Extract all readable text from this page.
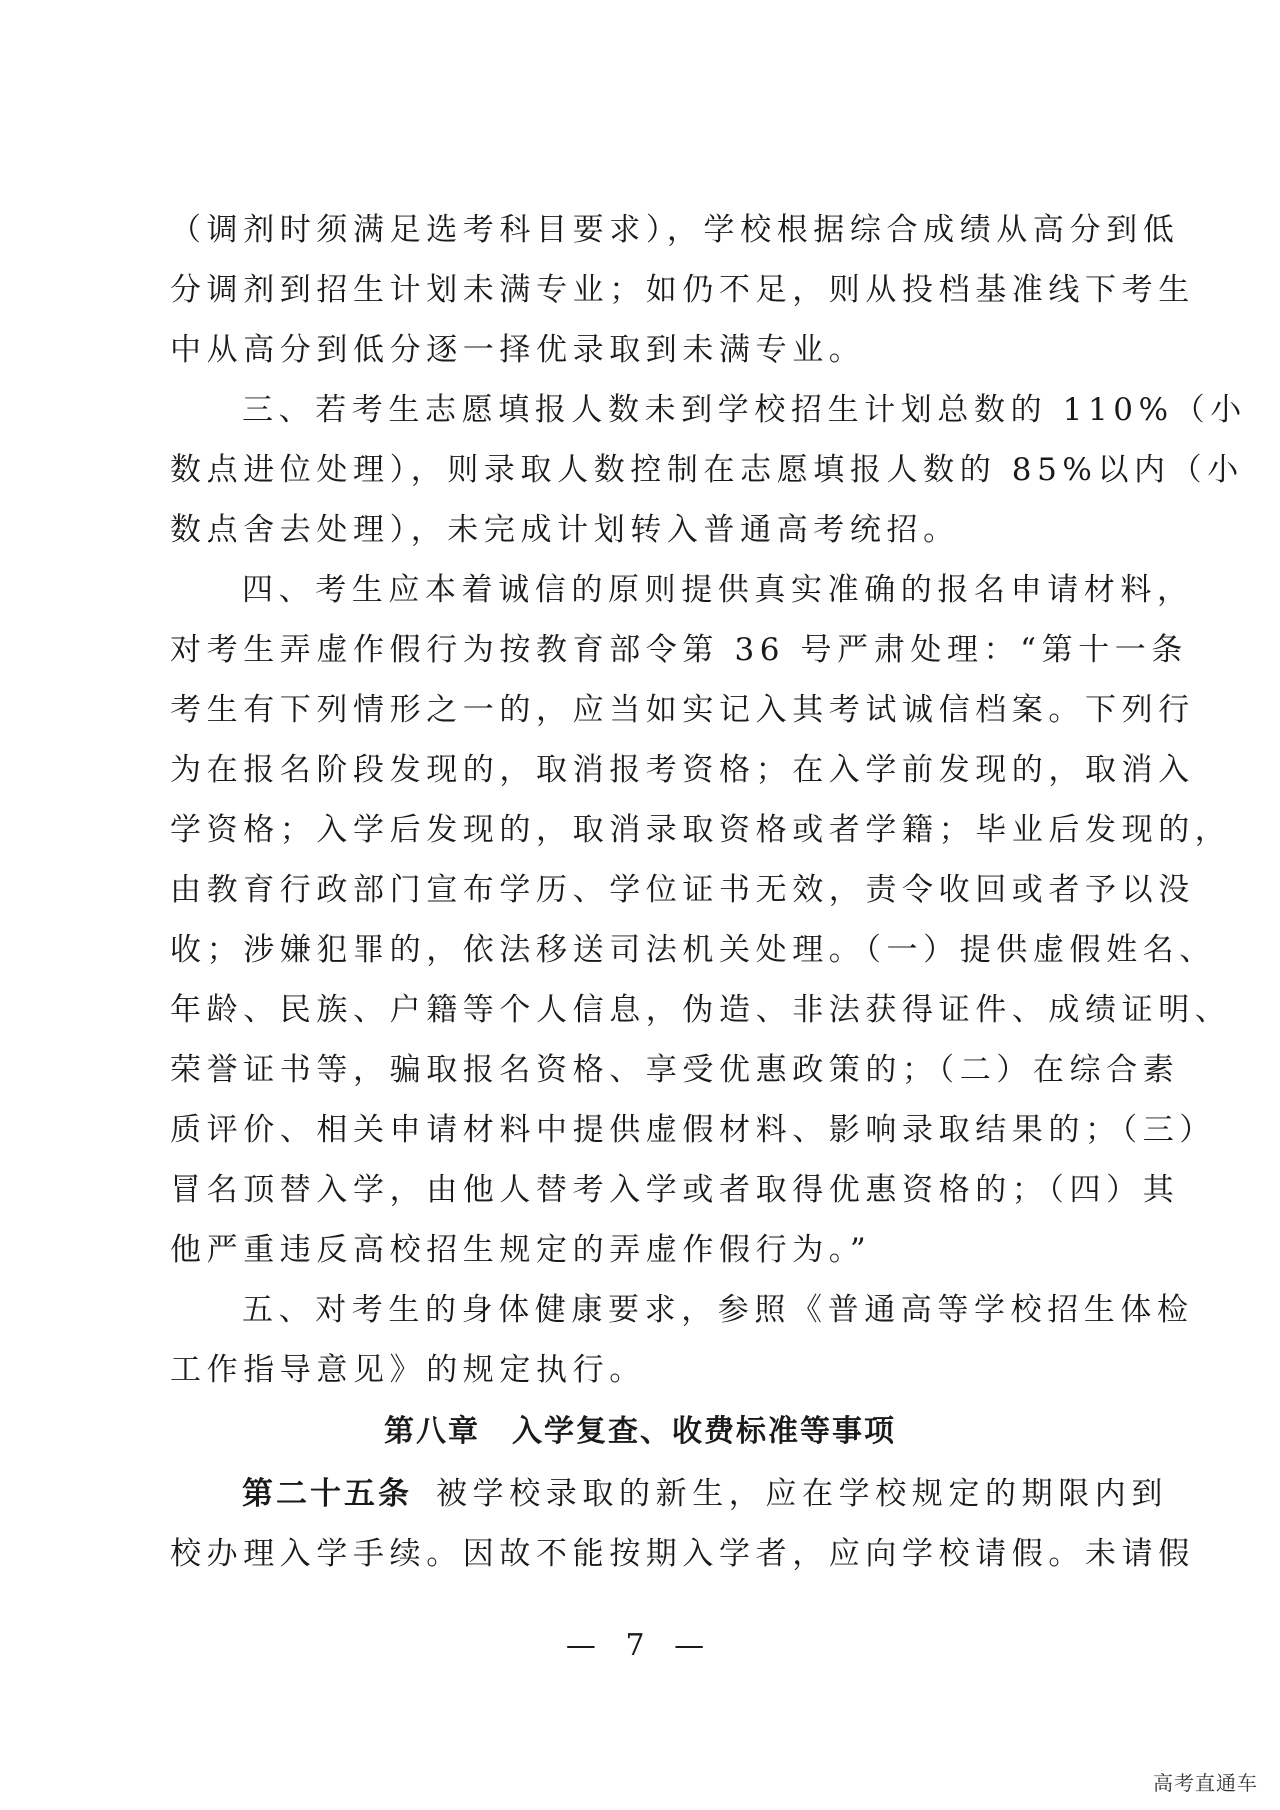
（调剂时须满足选考科目要求），学校根据综合成绩从高分到低
分调剂到招生计划未满专业；如仍不足，则从投档基准线下考生
中从高分到低分逐一择优录取到未满专业。
三、若考生志愿填报人数未到学校招生计划总数的 110%（小
数点进位处理），则录取人数控制在志愿填报人数的 85%以内（小
数点舍去处理），未完成计划转入普通高考统招。
四、考生应本着诚信的原则提供真实准确的报名申请材料，
对考生弄虚作假行为按教育部令第 36 号严肃处理：“第十一条
考生有下列情形之一的，应当如实记入其考试诚信档案。下列行
为在报名阶段发现的，取消报考资格；在入学前发现的，取消入
学资格；入学后发现的，取消录取资格或者学籍；毕业后发现的，
由教育行政部门宣布学历、学位证书无效，责令收回或者予以没
收；涉嫌犯罪的，依法移送司法机关处理。（一）提供虚假姓名、
年龄、民族、户籍等个人信息，伪造、非法获得证件、成绩证明、
荣誉证书等，骗取报名资格、享受优惠政策的；（二）在综合素
质评价、相关申请材料中提供虚假材料、影响录取结果的；（三）
冒名顶替入学，由他人替考入学或者取得优惠资格的；（四）其
他严重违反高校招生规定的弄虚作假行为。”
五、对考生的身体健康要求，参照《普通高等学校招生体检
工作指导意见》的规定执行。
第八章 入学复查、收费标准等事项
第二十五条 被学校录取的新生，应在学校规定的期限内到
校办理入学手续。因故不能按期入学者，应向学校请假。未请假
— 7 —
高考直通车
